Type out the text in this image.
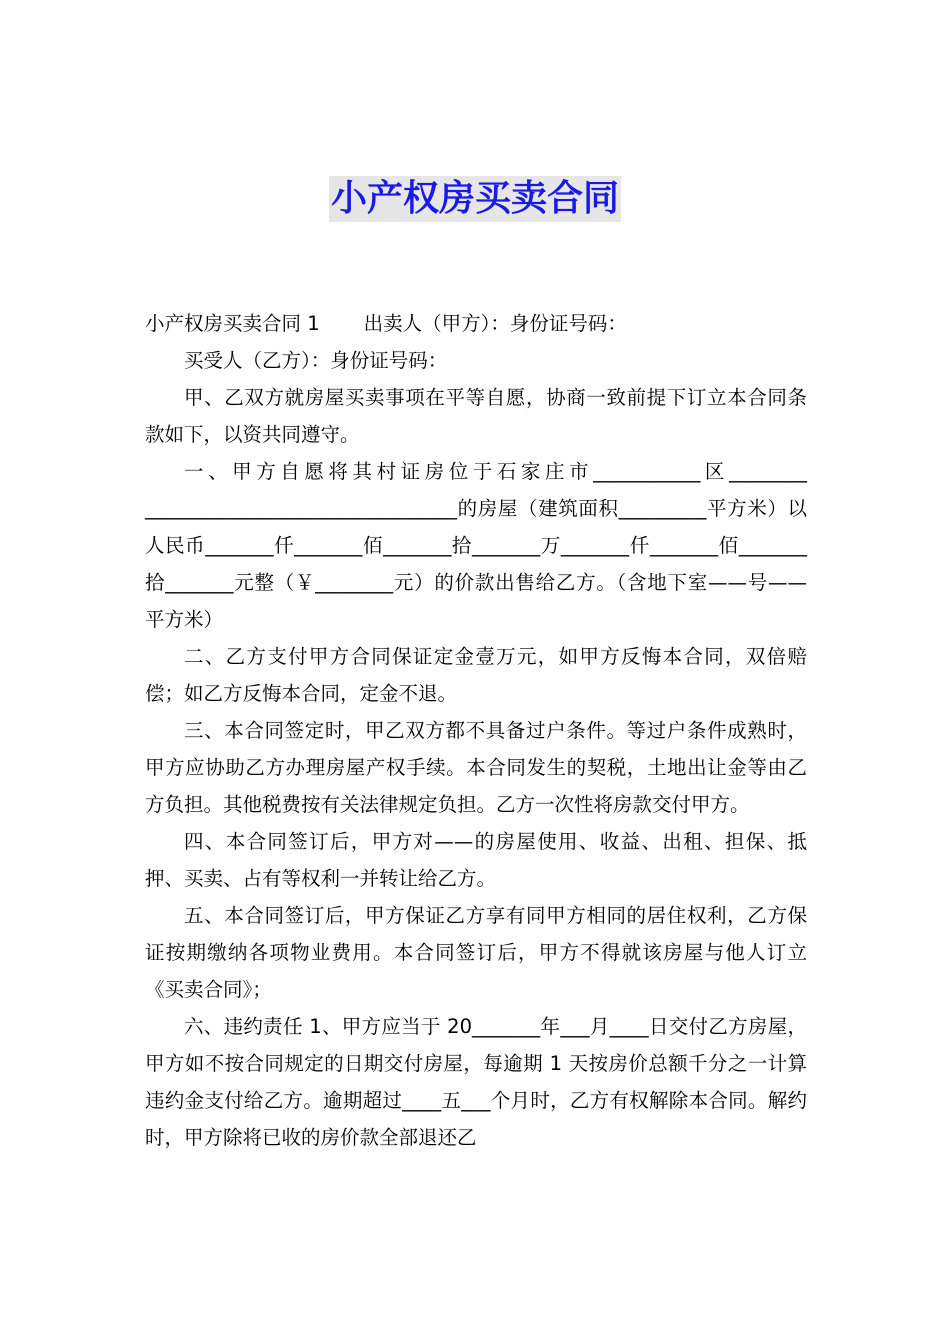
小产权房买卖合同

小产权房买卖合同 1 出卖人（甲方）：身份证号码：

买受人（乙方）：身份证号码：

甲、乙双方就房屋买卖事项在平等自愿，协商一致前提下订立本合同条款如下，以资共同遵守。

一、甲方自愿将其村证房位于石家庄市___________区________ ________________________________的房屋（建筑面积_________平方米）以人民币_______仟_______佰_______拾_______万_______仟_______佰_______拾_______元整（￥________元）的价款出售给乙方。（含地下室——号——平方米）

二、乙方支付甲方合同保证定金壹万元，如甲方反悔本合同，双倍赔偿；如乙方反悔本合同，定金不退。

三、本合同签定时，甲乙双方都不具备过户条件。等过户条件成熟时，甲方应协助乙方办理房屋产权手续。本合同发生的契税，土地出让金等由乙方负担。其他税费按有关法律规定负担。乙方一次性将房款交付甲方。

四、本合同签订后，甲方对——的房屋使用、收益、出租、担保、抵押、买卖、占有等权利一并转让给乙方。

五、本合同签订后，甲方保证乙方享有同甲方相同的居住权利，乙方保证按期缴纳各项物业费用。本合同签订后，甲方不得就该房屋与他人订立《买卖合同》；

六、违约责任 1、甲方应当于 20_______年___月____日交付乙方房屋，甲方如不按合同规定的日期交付房屋，每逾期 1 天按房价总额千分之一计算违约金支付给乙方。逾期超过____五___个月时，乙方有权解除本合同。解约时，甲方除将已收的房价款全部退还乙
